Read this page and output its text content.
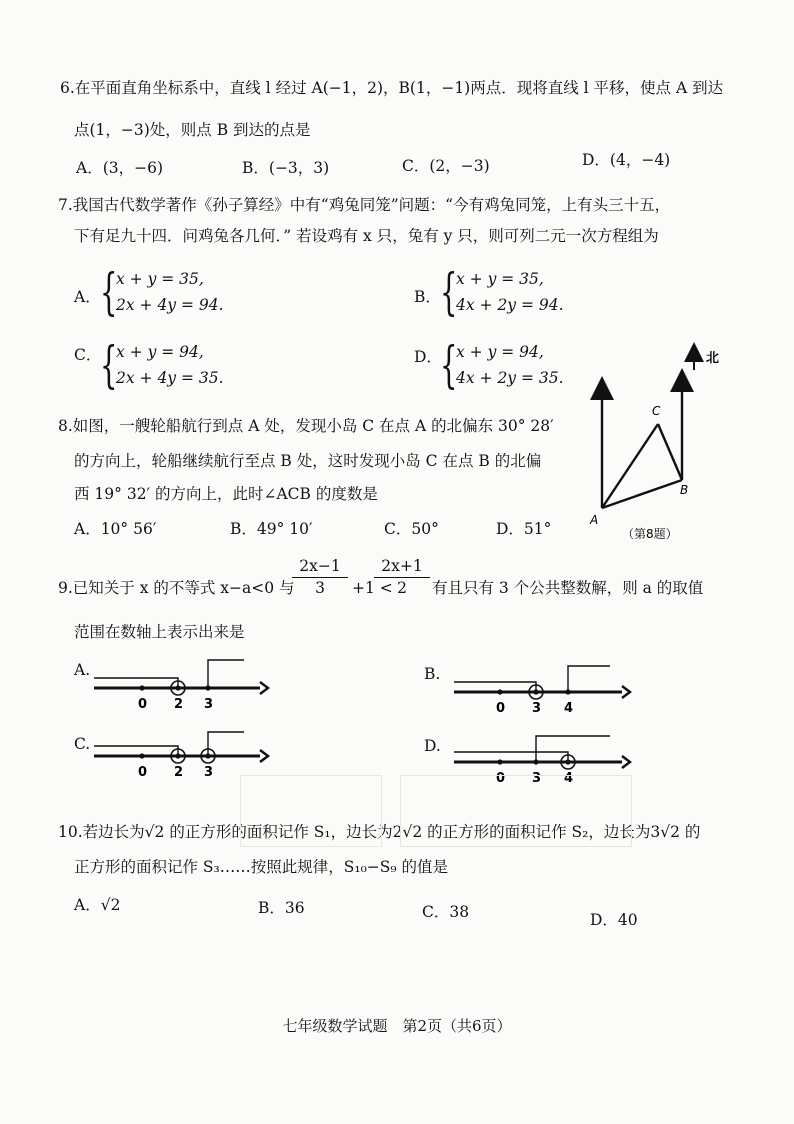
6.在平面直角坐标系中，直线 l 经过 A(−1，2)，B(1，−1)两点．现将直线 l 平移，使点 A 到达
点(1，−3)处，则点 B 到达的点是
A．(3，−6)	B．(−3，3)	C．(2，−3)	D．(4，−4)
7.我国古代数学著作《孙子算经》中有“鸡兔同笼”问题：“今有鸡兔同笼，上有头三十五，
下有足九十四．问鸡兔各几何．” 若设鸡有 x 只，兔有 y 只，则可列二元一次方程组为
A． {
x + y = 35,
2x + 4y = 94.	B． {
x + y = 35,
4x + 2y = 94.
C．
{
x + y = 94,
2x + 4y = 35.
D．
{
x + y = 94,
4x + 2y = 35.
8.如图，一艘轮船航行到点 A 处，发现小岛 C 在点 A 的北偏东 30° 28′
的方向上，轮船继续航行至点 B 处，这时发现小岛 C 在点 B 的北偏
西 19° 32′ 的方向上，此时∠ACB 的度数是
A．10° 56′	B．49° 10′	C．50°	D．51°
北
A
B
C
（第8题）
9.已知关于 x 的不等式 x−a<0 与
$\frac{2x-1}{3} +1$ <
$\frac{2x+1}{2}$ 有且只有 3 个公共整数解，则 a 的取值
范围在数轴上表示出来是
A.
0 2 3
B.
0 3 4
C.
0 2 3
D.
0 3 4
10.若边长为√2 的正方形的面积记作 S₁，边长为2√2 的正方形的面积记作 S₂，边长为3√2 的
正方形的面积记作 S₃……按照此规律，S₁₀−S₉ 的值是
A．√2	B．36	C．38	D．40
七年级数学试题　第2页（共6页）
